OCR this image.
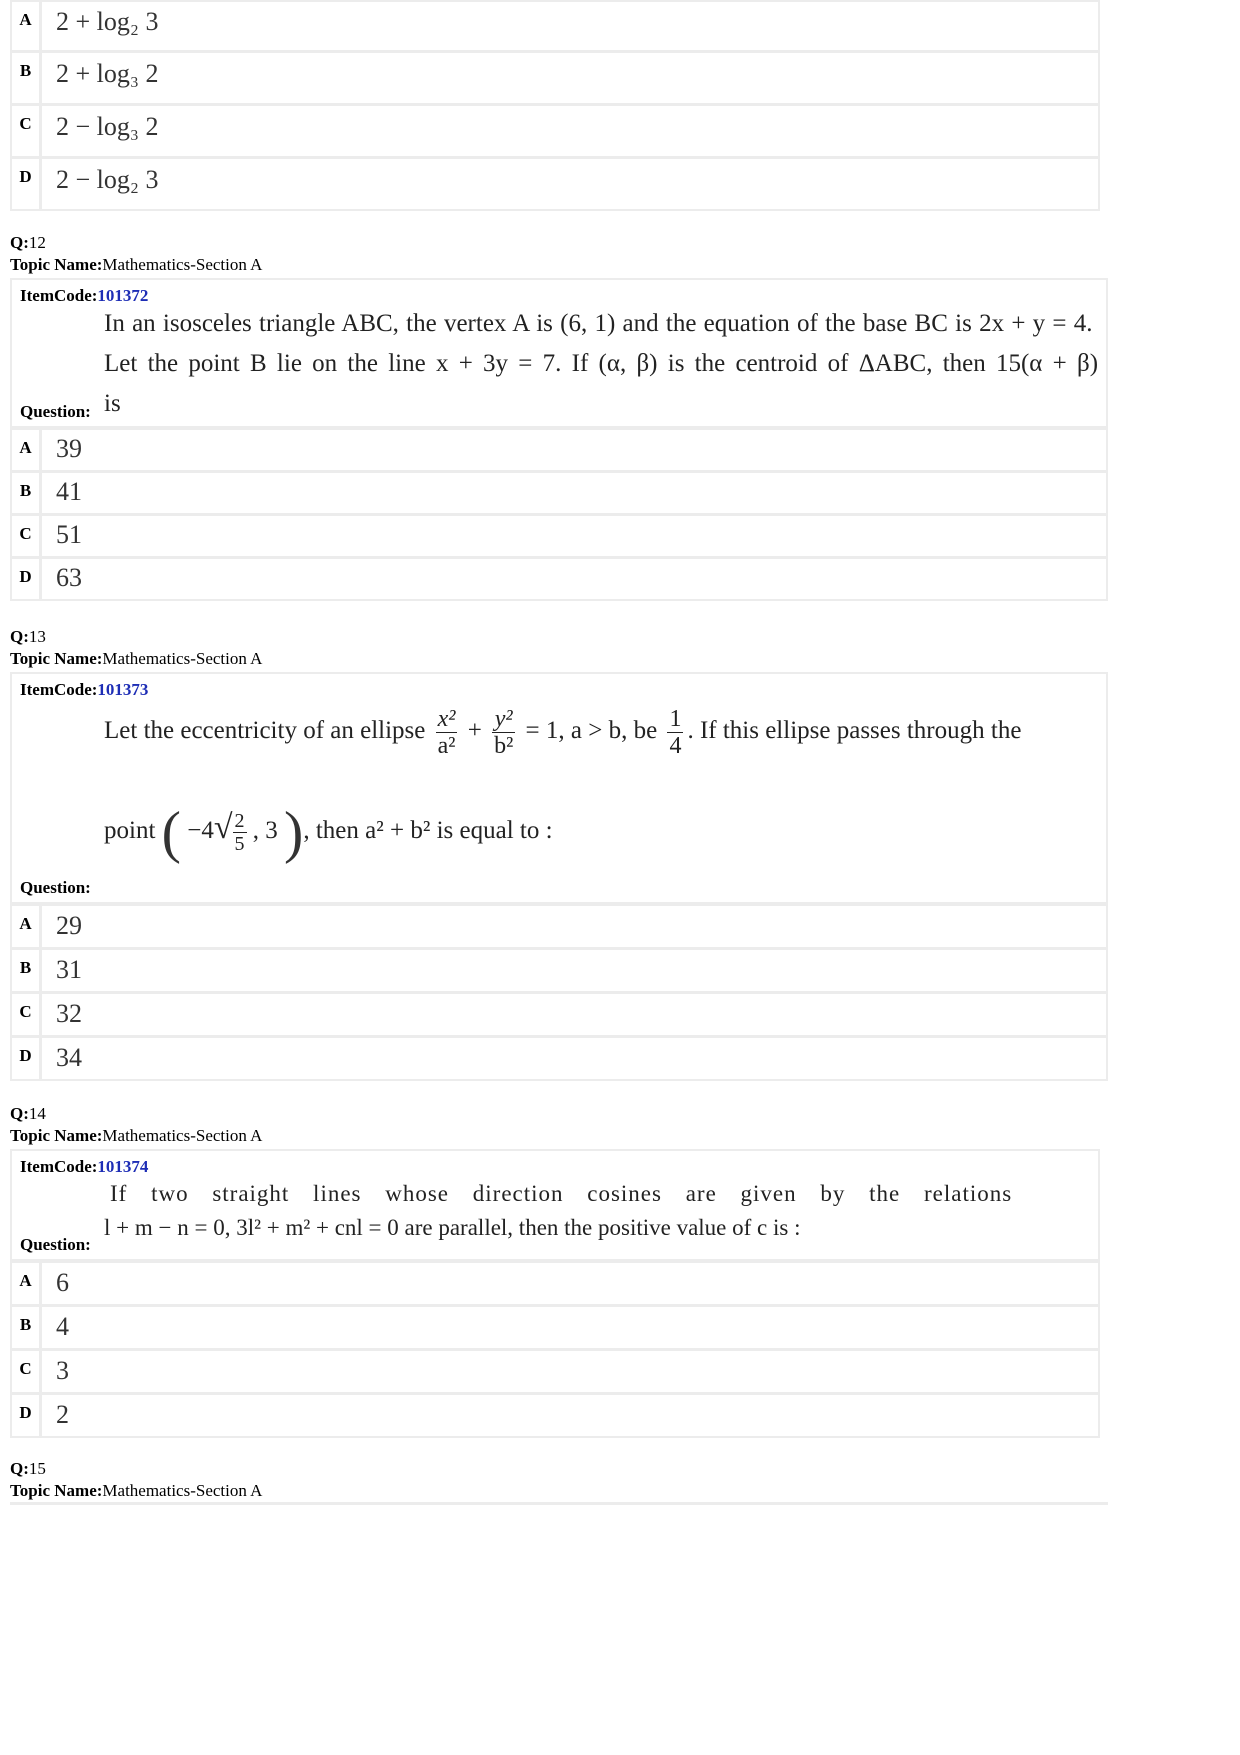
A 2 + log₂ 3
B 2 + log₃ 2
C 2 − log₃ 2
D 2 − log₂ 3
Q:12
Topic Name:Mathematics-Section A
ItemCode:101372
In an isosceles triangle ABC, the vertex A is (6, 1) and the equation of the base BC is 2x + y = 4.
Let the point B lie on the line x + 3y = 7. If (α, β) is the centroid of ΔABC, then 15(α + β) is
Question:
A 39
B 41
C 51
D 63
Q:13
Topic Name:Mathematics-Section A
ItemCode:101373
Let the eccentricity of an ellipse $\frac{\text{x²}}{\text{a²}} + \frac{\text{y²}}{\text{b²}} = 1$, a > b, be $\frac{1}{4}$ . If this ellipse passes through the
point ( $-4√ \frac{2}{5}$ , 3 ), then a² + b² is equal to :
Question:
A 29
B 31
C 32
D 34
Q:14
Topic Name:Mathematics-Section A
ItemCode:101374
If two straight lines whose direction cosines are given by the relations
l + m − n = 0, 3l² + m² + cnl = 0 are parallel, then the positive value of c is :
Question:
A 6
B 4
C 3
D 2
Q:15
Topic Name:Mathematics-Section A
